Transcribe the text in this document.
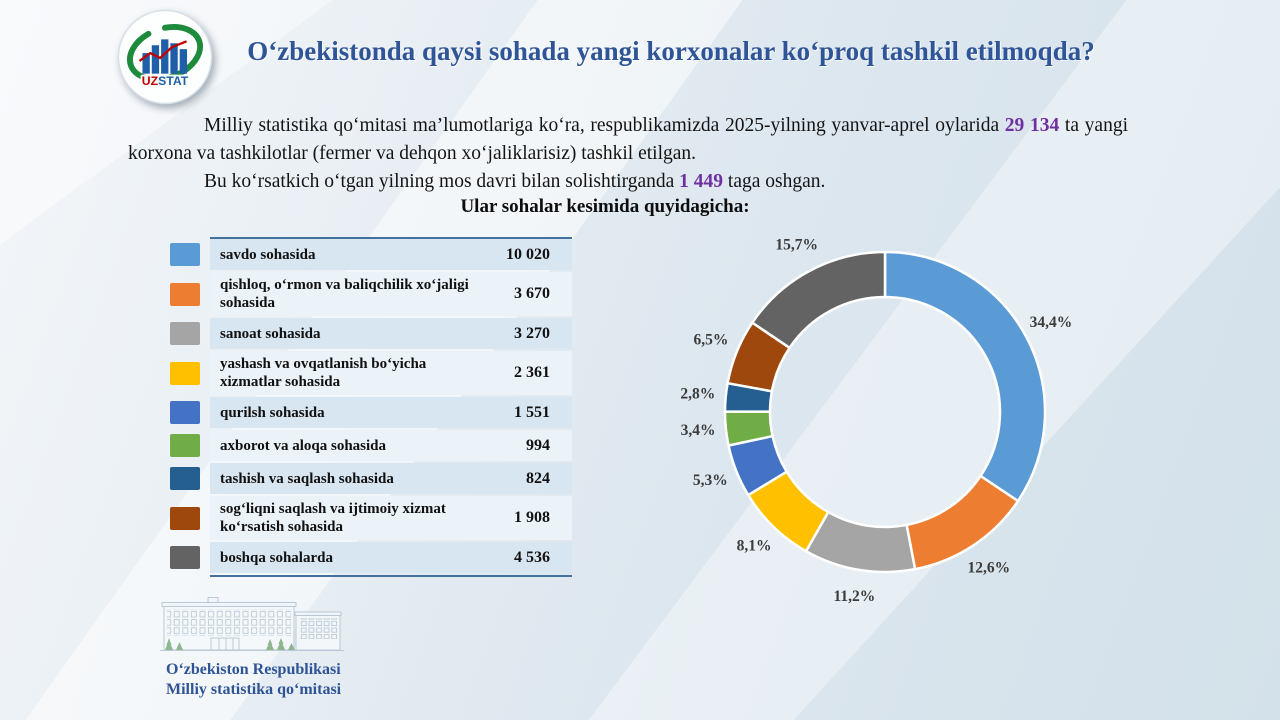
UZSTAT
O‘zbekistonda qaysi sohada yangi korxonalar ko‘proq tashkil etilmoqda?

Milliy statistika qo‘mitasi ma’lumotlariga ko‘ra, respublikamizda 2025-yilning yanvar-aprel oylarida 29 134 ta yangi korxona va tashkilotlar (fermer va dehqon xo‘jaliklarisiz) tashkil etilgan.

Bu ko‘rsatkich o‘tgan yilning mos davri bilan solishtirganda 1 449 taga oshgan.

Ular sohalar kesimida quyidagicha:
savdo sohasida	10 020
qishloq, o‘rmon va baliqchilik xo‘jaligi sohasida
3 670
sanoat sohasida	3 270
yashash va ovqatlanish bo‘yicha xizmatlar sohasida
2 361
qurilsh sohasida	1 551
axborot va aloqa sohasida	994
tashish va saqlash sohasida	824
sog‘liqni saqlash va ijtimoiy xizmat ko‘rsatish sohasida
1 908
boshqa sohalarda	4 536
34,4%
12,6%
11,2%
8,1%
5,3%
3,4%
2,8%
6,5%
15,7%
O‘zbekiston Respublikasi
Milliy statistika qo‘mitasi
